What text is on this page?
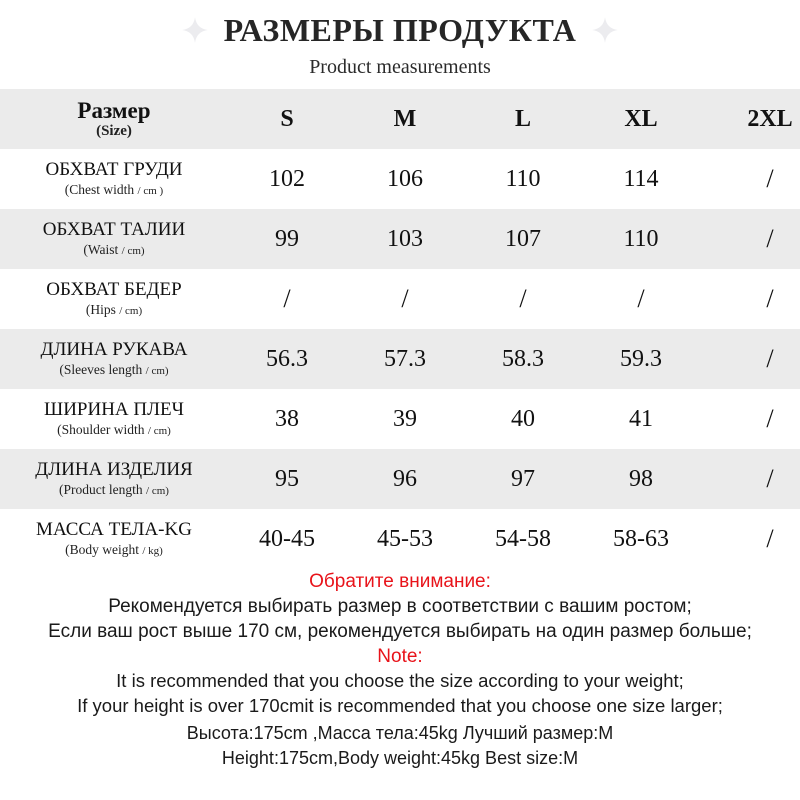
РАЗМЕРЫ ПРОДУКТА
Product measurements
Размер
(Size)	S	M	L	XL	2XL

ОБХВАТ ГРУДИ
(Chest width / cm )	102	106	110	114	/

ОБХВАТ ТАЛИИ
(Waist / cm)	99	103	107	110	/

ОБХВАТ БЕДЕР
(Hips / cm)	/	/	/	/	/

ДЛИНА РУКАВА
(Sleeves length / cm)	56.3	57.3	58.3	59.3	/

ШИРИНА ПЛЕЧ
(Shoulder width / cm)	38	39	40	41	/

ДЛИНА ИЗДЕЛИЯ
(Product length / cm)	95	96	97	98	/

МАССА ТЕЛА-KG
(Body weight / kg)	40-45	45-53	54-58	58-63	/
Обратите внимание:
Рекомендуется выбирать размер в соответствии с вашим ростом;
Если ваш рост выше 170 см, рекомендуется выбирать на один размер больше;
Note:
It is recommended that you choose the size according to your weight;
If your height is over 170cmit is recommended that you choose one size larger;
Высота:175cm ,Масса тела:45kg Лучший размер:М
Height:175cm,Body weight:45kg Best size:M
